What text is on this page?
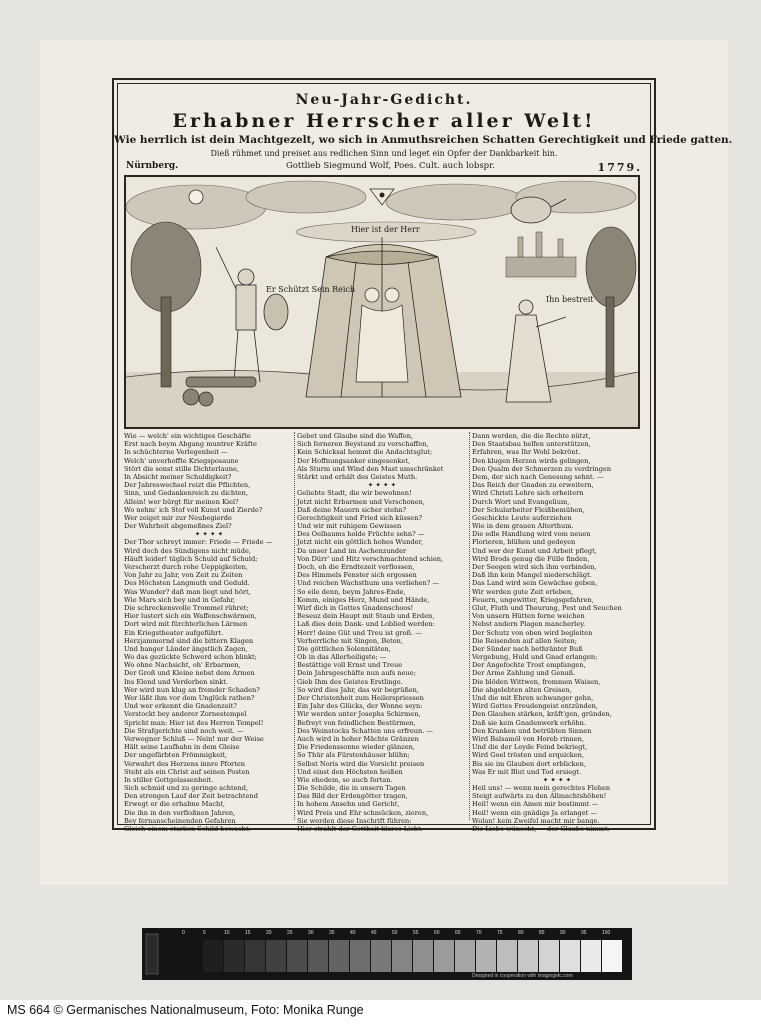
Neu-Jahr-Gedicht.
Erhabner Herrscher aller Welt!
Wie herrlich ist dein Machtgezelt, wo sich in Anmuthsreichen Schatten Gerechtigkeit und Friede gatten.
Dieß rühmet und preiset aus redlichen Sinn und leget ein Opfer der Dankbarkeit hin.
Nürnberg.	Gottlieb Siegmund Wolf, Poes. Cult. auch lobspr.	1779.
Hier ist der Herr
Er Schützt Sein Reich
Ihn bestreit
Wie — welch' ein wichtiges Geschäfte
Erst nach beym Abgang muntrer Kräfte
In schüchterne Verlegenheit —
Welch' unverhoffte Kriegsposaune
Stört die sonst stille Dichterlaune,
In Absicht meiner Schuldigkeit?
Der Jahreswechsel reizt die Pflichten,
Sinn, und Gedankenreich zu dichten,
Allein! wer bürgt für meinen Kiel?
Wo nehm' ich Stof voll Kunst und Zierde?
Wer zeiget mir zur Neubegierde
Der Wahrheit abgemeßnes Ziel?
✦ ✦ ✦ ✦
Der Thor schreyt immer: Friede — Friede —
Wird doch des Sündigens nicht müde,
Häuft leider! täglich Schuld auf Schuld;
Verscherzt durch rohe Ueppigkeiten,
Von Jahr zu Jahr, von Zeit zu Zeiten
Des Höchsten Langmuth und Geduld.
Was Wunder? daß man liegt und hört,
Wie Mars sich bey und in Gefahr,
Die schreckensvolle Trommel rühret;
Hier lustert sich ein Waffenschwärmen,
Dort wird mit fürchterlichen Lärmen
Ein Kriegstheater aufgeführt.
Herzjammernd sind die bittern Klagen
Und banger Länder ängstlich Zagen,
Wo das gezückte Schwerd schon blinkt;
Wo ohne Nachsicht, oh' Erbarmen,
Der Groß und Kleine nebst dem Armen
Ins Elend und Verderben sinkt.
Wer wird nun klug an fremder Schaden?
Wer läßt ihm vor dem Unglück rathen?
Und wer erkennt die Gnadenzeit?
Verstockt bey anderer Zornestempel
Spricht man: Hier ist des Herren Tempel!
Die Strafgerichte sind noch weit. —
Verwegner Schluß — Nein! nur der Weise
Hält seine Laufbahn in dem Gleise
Der ungefärbten Frömmigkeit,
Verwahrt des Herzens innre Pforten
Steht als ein Christ auf seinen Posten
In stiller Gottgelassenheit.
Sich schmid und zu geringe achtend,
Den strengen Lauf der Zeit betrachtend
Erwegt er die erhabne Macht,
Die ihn in den verfloßnen Jahren,
Bey fernanscheinenden Gefahren
Gleich einem starken Schild bewacht.
Gebet und Glaube sind die Waffen,
Sich ferneren Beystand zu verschaffen,
Kein Schicksal hemmt die Andachtsglut;
Der Hoffnungsanker eingesenket,
Als Sturm und Wind den Mast umschränket
Stärkt und erhält des Geistes Muth.
✦ ✦ ✦ ✦
Geliebte Stadt, die wir bewohnen!
Jetzt nicht Erbarmen und Verschonen,
Daß deine Mauern sicher stehn?
Gerechtigkeit und Fried sich küssen?
Und wir mit ruhigem Gewissen
Des Oelbaums holde Früchte sehn? —
Jetzt nicht ein göttlich hohes Wunder,
Da unser Land im Aschenzunder
Von Dürr' und Hitz verschmachtend schien,
Doch, eh die Erndtezeit verflossen,
Des Himmels Fenster sich ergossen
Und reichen Wachsthum uns verliehen? —
So eile denn, beym Jahres-Ende,
Komm, einiges Herz, Mund und Hände,
Wirf dich in Gottes Gnadenschoos!
Beseuz dein Haupt mit Staub und Erden,
Laß dies dein Dank- und Loblied werden:
Herr! deine Güt und Treu ist groß. —
Verherrliche mit Singen, Beten,
Die göttlichen Solennitäten,
Ob in das Allerheiligste; —
Bestättige voll Ernst und Treue
Dein Jahrsgeschäfte nun aufs neue;
Gieb Ihm des Geistes Erstlinge.
So wird dies Jahr, das wir begrüßen,
Der Christenheit zum Heilerspriessen
Ein Jahr des Glücks, der Wonne seyn:
Wir werden unter Josephs Schirmen,
Befreyt von feindlichen Bestürmen,
Des Weinstocks Schatten uns erfreun. —
Auch wird in hoher Mächte Gränzen
Die Friedenssonne wieder glänzen,
So Thür als Fürstenhäuser blühn;
Selbst Noris wird die Vorsicht preisen
Und einst den Höchsten heißen
Wie ehedem, so auch fortan.
Die Schilde, die in unsern Tagen
Das Bild der Erdengötter tragen,
In hohem Ansehn und Gericht,
Wird Preis und Ehr schmücken, zieren,
Sie werden diese Inschrift führen:
Hier strahlt der Gottheit klares Licht.
Dann werden, die die Rechte nützt,
Den Staatsbau helfen unterstützen,
Erfahren, was Ihr Wohl bekrönt.
Den klugen Herzen wirds gelingen,
Den Qualm der Schmerzen zu verdringen
Dem, der sich nach Genesung sehnt. —
Das Reich der Gnaden zu erweitern,
Wird Christi Lehre sich erheitern
Durch Wort und Evangelium,
Der Schularbeiter Fleißbemühen,
Geschickte Leute auferziehen
Wie in dem grauen Alterthum.
Die edle Handlung wird vom neuen
Florieren, blühen und gedeyen
Und wer der Kunst und Arbeit pflegt,
Wird Brods genug die Fülle finden,
Der Seegen wird sich ihm verbinden,
Daß ihn kein Mangel niederschlägt.
Das Land wird sein Gewächse geben,
Wir werden gute Zeit erleben,
Feuern, ungewitter, Kriegsgefahren,
Glut, Fluth und Theurung, Pest und Seuchen
Von unsern Hütten ferne weichen
Nebst andern Plagen mancherley.
Der Schutz von oben wird begleiten
Die Reisenden auf allen Seiten;
Der Sünder nach bethränter Buß
Vergebung, Huld und Gnad erlangen;
Der Angefochte Trost empfangen,
Der Arme Zahlung und Genuß.
Die blöden Wittwen, frommen Waisen,
Die abgelebten alten Greisen,
Und die mit Ehren schwanger gehn,
Wird Gottes Freudengeist entzünden,
Den Glauben stärken, kräft'gen, gründen,
Daß sie kein Gnadenwerk erhöhn.
Den Kranken und betrübten Sinnen
Wird Balsamöl von Horeb rinnen,
Und die der Leyde Feind bekriegt,
Wird Goel trösten und erquicken,
Bis sie im Glauben dort erblicken,
Was Er mit Blut und Tod ersiegt.
✦ ✦ ✦ ✦
Heil uns! — wenn mein gerechtes Flehen
Steigt aufwärts zu den Allmachtshöhen!
Heil! wenn ein Amen mir bestimmt —
Heil! wenn ein gnädigs Ja erlanget —
Wolan! kein Zweifel macht mir bange.
Die Liebe wünscht, — der Glaube nimmt. —
0	5	10	15	20	25	30	35	40	45	50	55	60	65	70	75	80	85	90	95	100
Designed in cooperation with imagingetc.com
MS 664 © Germanisches Nationalmuseum, Foto: Monika Runge
